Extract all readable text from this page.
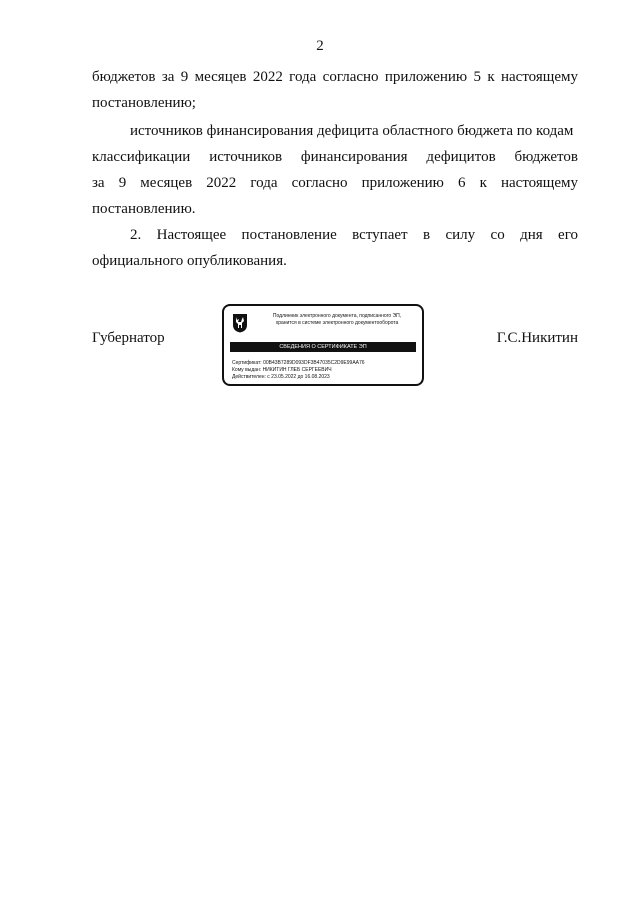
2
бюджетов за 9 месяцев 2022 года согласно приложению 5 к настоящему
постановлению;
источников финансирования дефицита областного бюджета по кодам
классификации источников финансирования дефицитов бюджетов
за 9 месяцев 2022 года согласно приложению 6 к настоящему
постановлению.
2. Настоящее постановление вступает в силу со дня его
официального опубликования.
Губернатор	Г.С.Никитин
Подлинник электронного документа, подписанного ЭП,
хранится в системе электронного документооборота
СВЕДЕНИЯ О СЕРТИФИКАТЕ ЭП
Сертификат: 00B43B7289D093DF3B47035C2D9E99AA76
Кому выдан: НИКИТИН ГЛЕБ СЕРГЕЕВИЧ
Действителен: с 23.05.2022 до 16.08.2023
